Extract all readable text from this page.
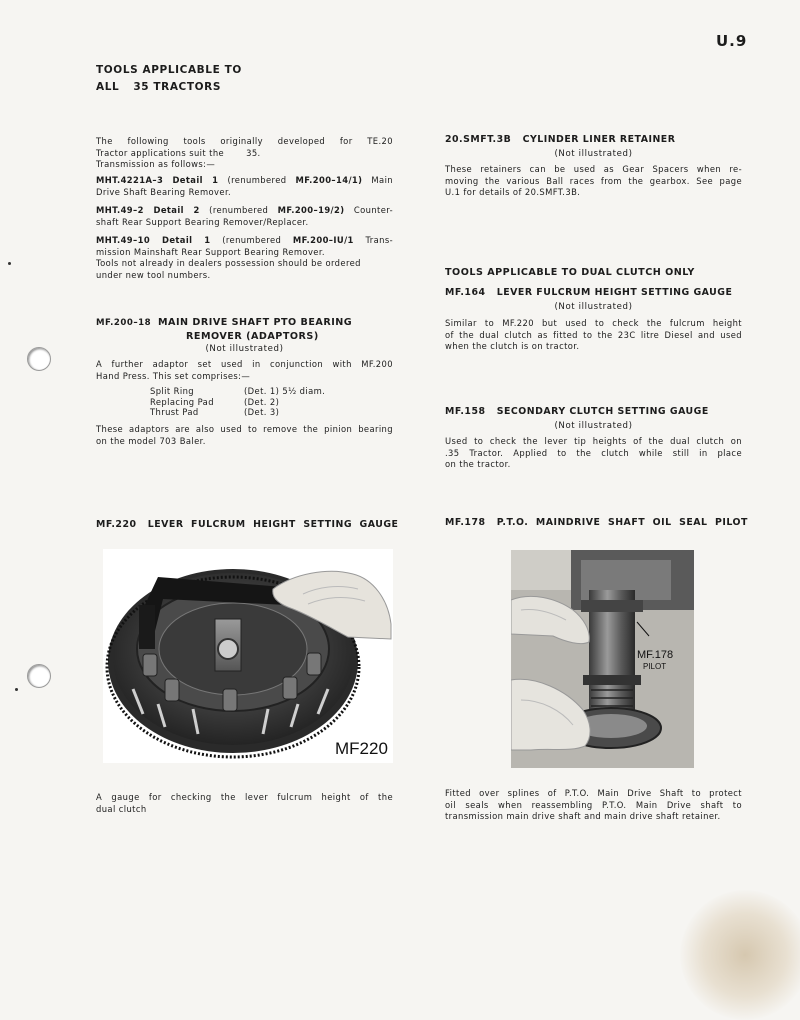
U.9
TOOLS APPLICABLE TO
ALL 35 TRACTORS
The following tools originally developed for TE.20
Tractor applications suit the	35.
Transmission as follows:—
MHT.4221A–3 Detail 1 (renumbered MF.200–14/1) Main
Drive Shaft Bearing Remover.
MHT.49–2 Detail 2 (renumbered MF.200–19/2) Counter-
shaft Rear Support Bearing Remover/Replacer.
MHT.49–10 Detail 1 (renumbered MF.200–IU/1 Trans-
mission Mainshaft Rear Support Bearing Remover.
Tools not already in dealers possession should be ordered
under new tool numbers.
MF.200–18 MAIN DRIVE SHAFT PTO BEARING
REMOVER (ADAPTORS)
(Not illustrated)
A further adaptor set used in conjunction with MF.200
Hand Press. This set comprises:—
Split Ring	(Det. 1) 5½ diam.
Replacing Pad	(Det. 2)
Thrust Pad	(Det. 3)
These adaptors are also used to remove the pinion bearing
on the model 703 Baler.
MF.220   LEVER  FULCRUM  HEIGHT  SETTING  GAUGE
MF220
A gauge for checking the lever fulcrum height of the
dual clutch
20.SMFT.3B   CYLINDER LINER RETAINER
(Not illustrated)
These retainers can be used as Gear Spacers when re-
moving the various Ball races from the gearbox. See page
U.1 for details of 20.SMFT.3B.
TOOLS APPLICABLE TO DUAL CLUTCH ONLY
MF.164   LEVER FULCRUM HEIGHT SETTING GAUGE
(Not illustrated)
Similar to MF.220 but used to check the fulcrum height
of the dual clutch as fitted to the 23C litre Diesel and used
when the clutch is on tractor.
MF.158   SECONDARY CLUTCH SETTING GAUGE
(Not illustrated)
Used to check the lever tip heights of the dual clutch on
.35 Tractor. Applied to the clutch while still in place
on the tractor.
MF.178   P.T.O.  MAINDRIVE  SHAFT  OIL  SEAL  PILOT
MF.178
PILOT
Fitted over splines of P.T.O. Main Drive Shaft to protect
oil seals when reassembling P.T.O. Main Drive shaft to
transmission main drive shaft and main drive shaft retainer.
